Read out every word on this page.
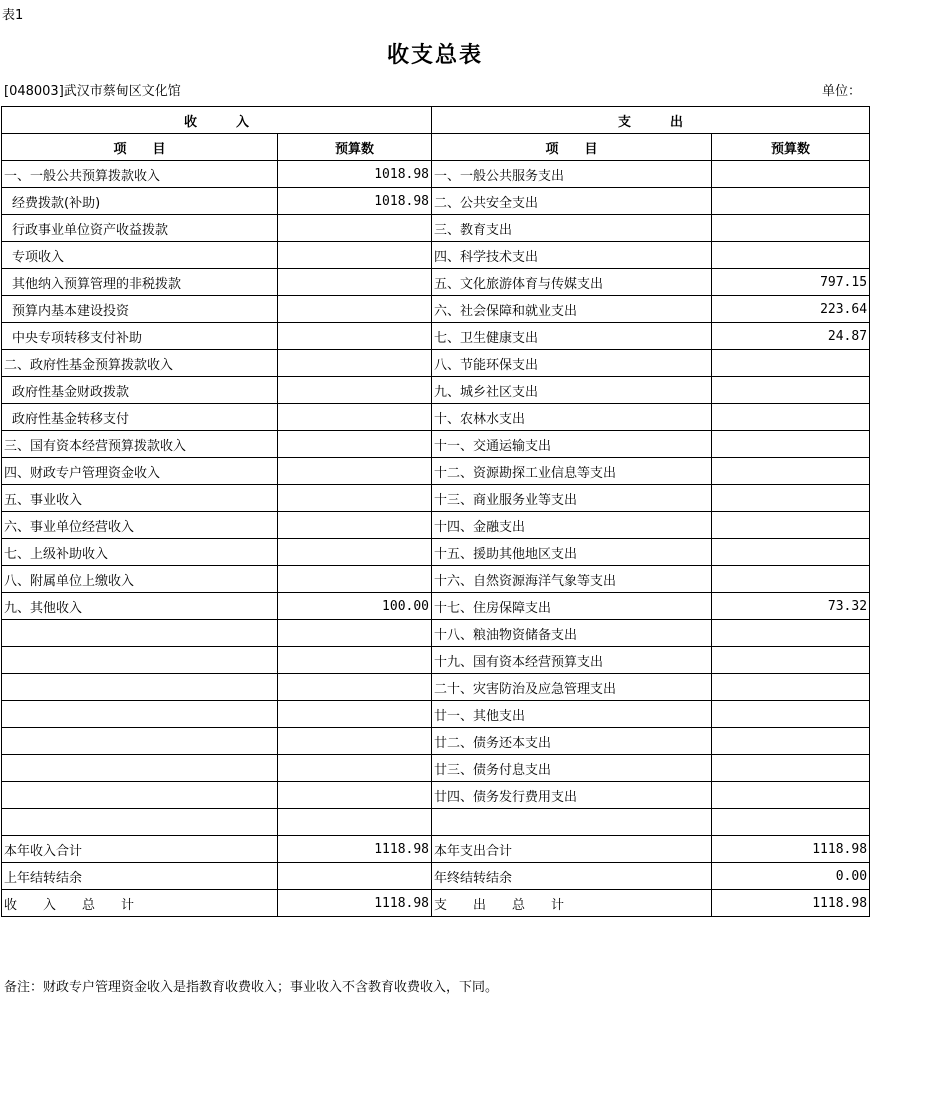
表1
收支总表
[048003]武汉市蔡甸区文化馆	单位：
收　　　入		支　　　出	
项　　目	预算数	项　　目	预算数
一、一般公共预算拨款收入	1018.98	一、一般公共服务支出	
经费拨款(补助)	1018.98	二、公共安全支出	
行政事业单位资产收益拨款		三、教育支出	
专项收入		四、科学技术支出	
其他纳入预算管理的非税拨款		五、文化旅游体育与传媒支出	797.15
预算内基本建设投资		六、社会保障和就业支出	223.64
中央专项转移支付补助		七、卫生健康支出	24.87
二、政府性基金预算拨款收入		八、节能环保支出	
政府性基金财政拨款		九、城乡社区支出	
政府性基金转移支付		十、农林水支出	
三、国有资本经营预算拨款收入		十一、交通运输支出	
四、财政专户管理资金收入		十二、资源勘探工业信息等支出	
五、事业收入		十三、商业服务业等支出	
六、事业单位经营收入		十四、金融支出	
七、上级补助收入		十五、援助其他地区支出	
八、附属单位上缴收入		十六、自然资源海洋气象等支出	
九、其他收入	100.00	十七、住房保障支出	73.32
		十八、粮油物资储备支出	
		十九、国有资本经营预算支出	
		二十、灾害防治及应急管理支出	
		廿一、其他支出	
		廿二、债务还本支出	
		廿三、债务付息支出	
		廿四、债务发行费用支出	

本年收入合计	1118.98	本年支出合计	1118.98
上年结转结余		年终结转结余	0.00
收　　入　　总　　计	1118.98	支　　出　　总　　计	1118.98
备注：财政专户管理资金收入是指教育收费收入；事业收入不含教育收费收入，下同。
